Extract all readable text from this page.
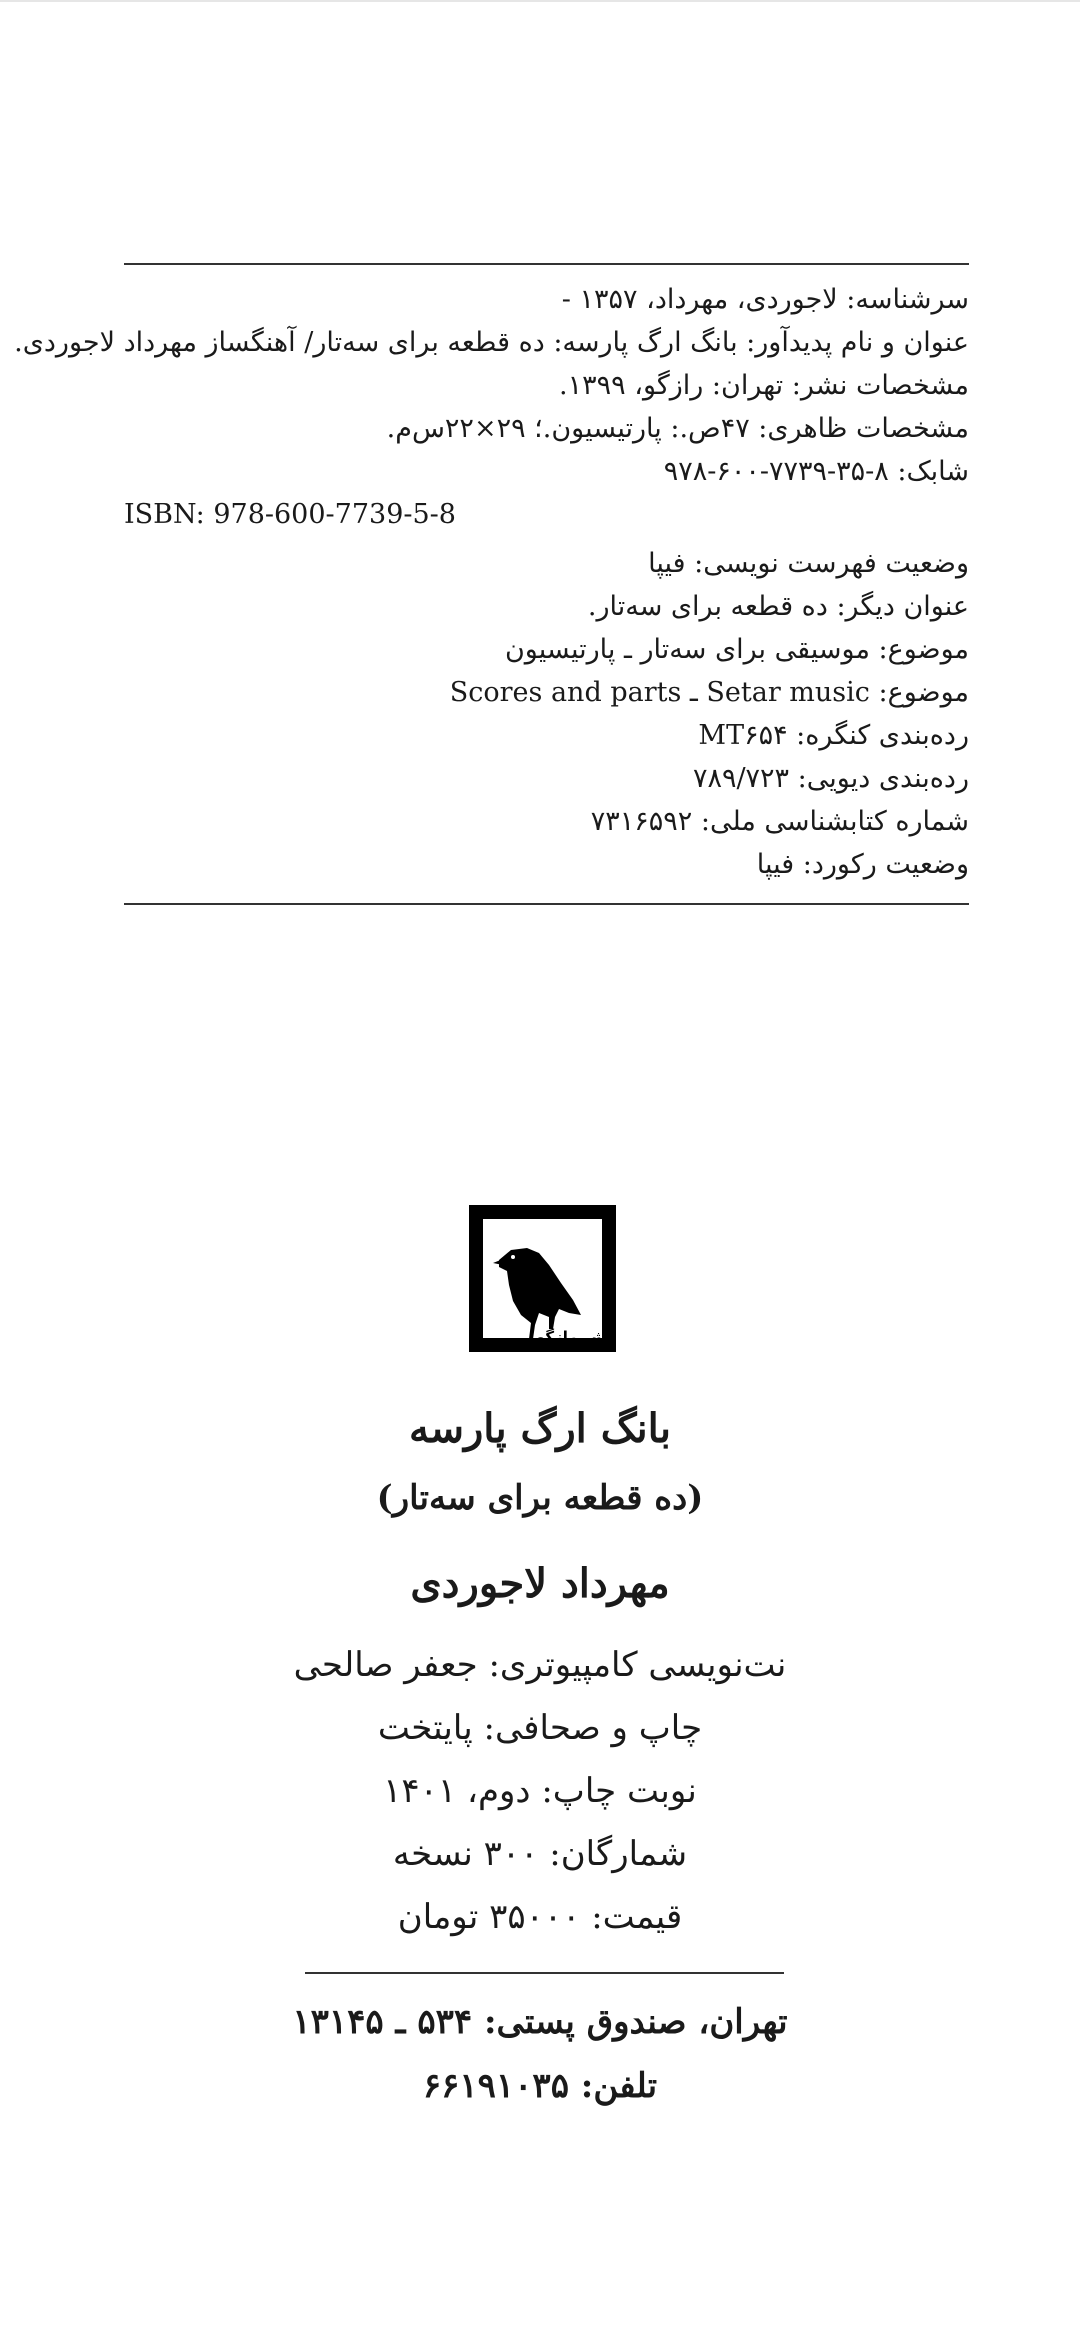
سرشناسه: لاجوردی، مهرداد، ۱۳۵۷ -
عنوان و نام پدیدآور: بانگ ارگ پارسه: ده قطعه برای سه‌تار/ آهنگساز مهرداد لاجوردی.
مشخصات نشر: تهران: رازگو، ۱۳۹۹.
مشخصات ظاهری: ۴۷ص.: پارتیسیون.؛ ۲۹×۲۲س‌م.
شابک: ۸-۳۵-۷۷۳۹-۶۰۰-۹۷۸
ISBN: 978-600-7739-5-8
وضعیت فهرست نویسی: فیپا
عنوان دیگر: ده قطعه برای سه‌تار.
موضوع: موسیقی برای سه‌تار ـ پارتیسیون
موضوع: Setar music ـ Scores and parts
رده‌بندی کنگره: MT۶۵۴
رده‌بندی دیویی: ۷۸۹/۷۲۳
شماره کتابشناسی ملی: ۷۳۱۶۵۹۲
وضعیت رکورد: فیپا
نشر رازگو
بانگ ارگ پارسه
(ده قطعه برای سه‌تار)
مهرداد لاجوردی
نت‌نویسی کامپیوتری: جعفر صالحی
چاپ و صحافی: پایتخت
نوبت چاپ: دوم، ۱۴۰۱
شمارگان: ۳۰۰ نسخه
قیمت: ۳۵۰۰۰ تومان
تهران، صندوق پستی: ۵۳۴ ـ ۱۳۱۴۵
تلفن: ۶۶۱۹۱۰۳۵
